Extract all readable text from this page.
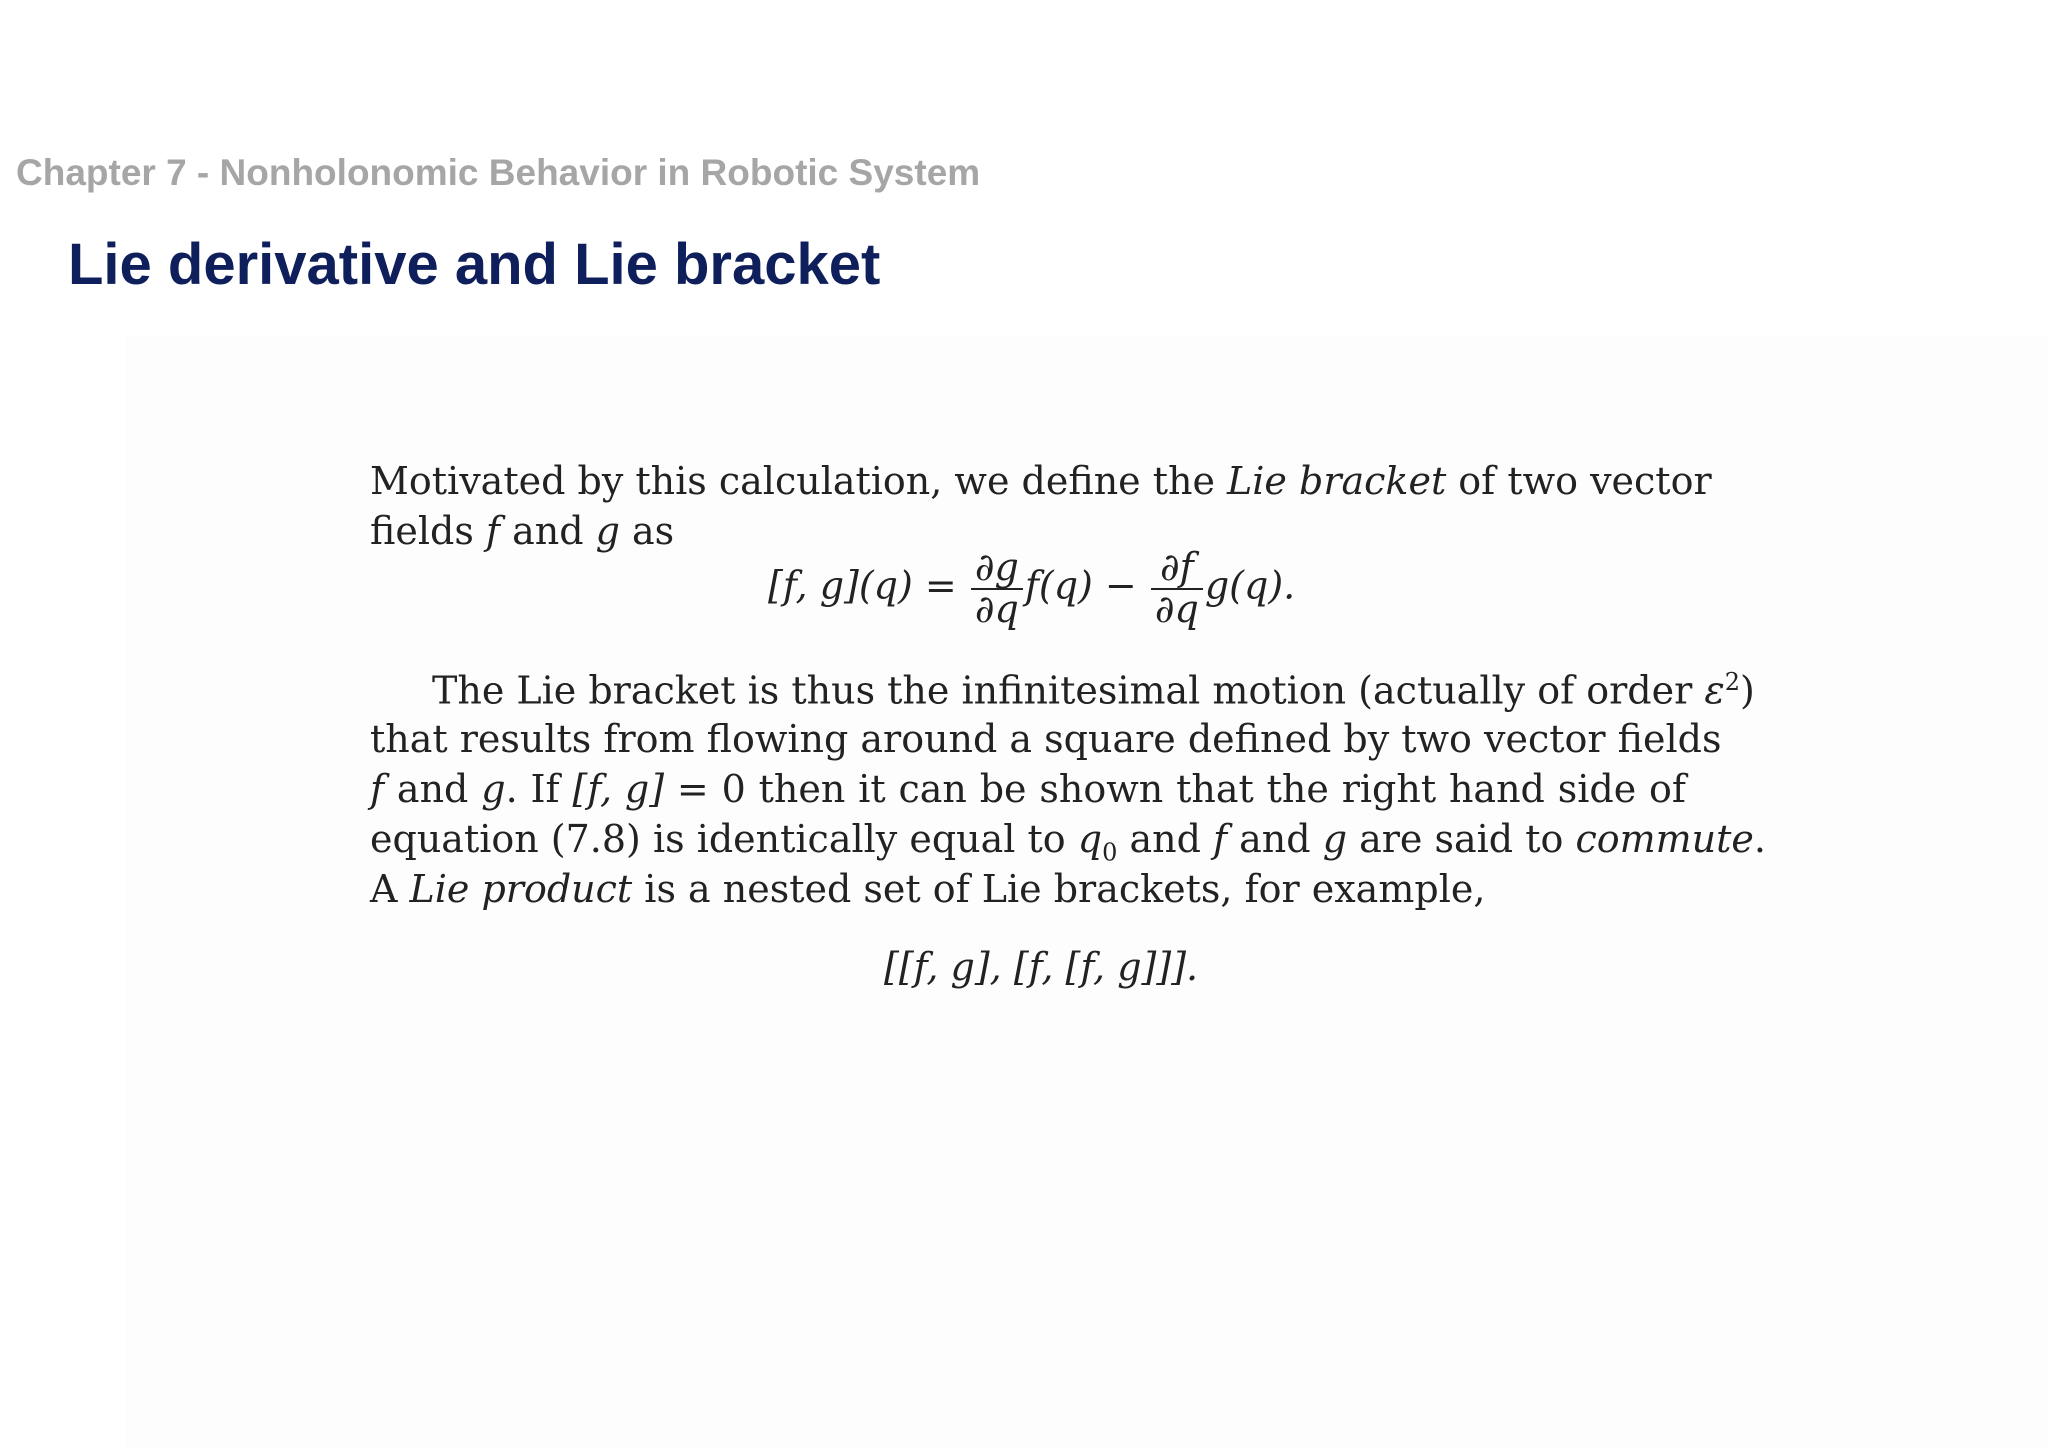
Chapter 7 - Nonholonomic Behavior in Robotic System
Lie derivative and Lie bracket
Motivated by this calculation, we define the Lie bracket of two vector
fields f and g as
[f, $g](q) = \frac{\partial g}{\partial q} f(q) - \frac{\partial f}{\partial q} g(q)$.
The Lie bracket is thus the infinitesimal motion (actually of order $\varepsilon^2$)
that results from flowing around a square defined by two vector fields
f and g. If [f, g] = 0 then it can be shown that the right hand side of
equation (7.8) is identically equal to $q_0$ and f and g are said to commute.
A Lie product is a nested set of Lie brackets, for example,
[[f, g], [f, [f, g]]].
